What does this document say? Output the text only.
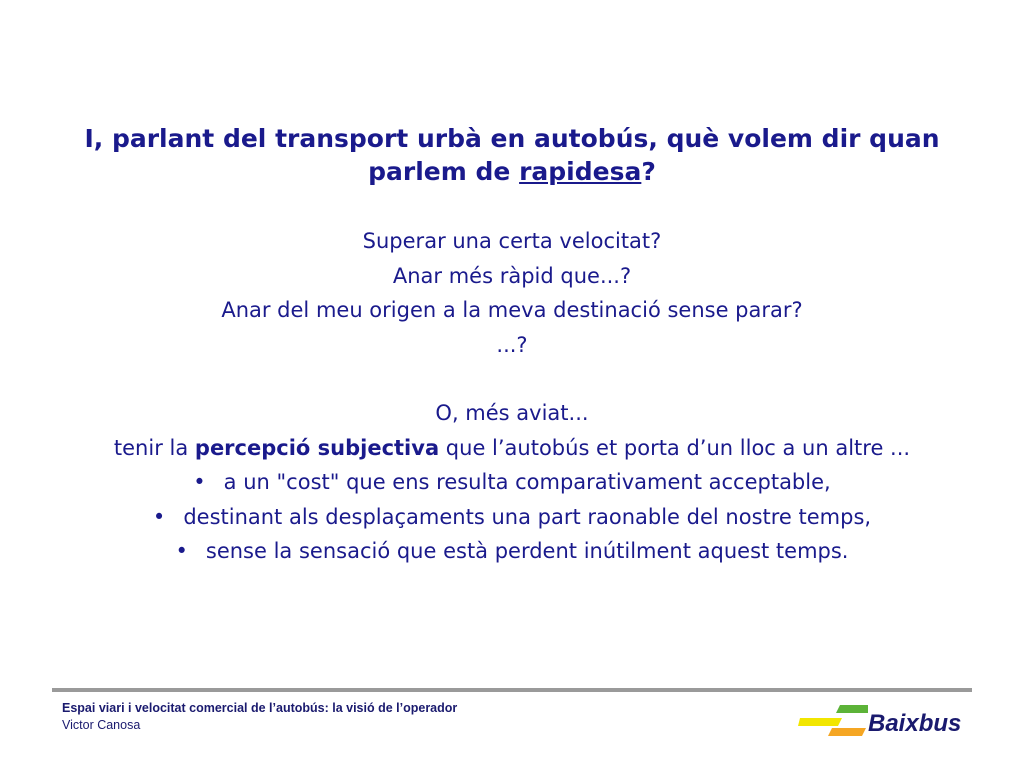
I, parlant del transport urbà en autobús, què volem dir quan parlem de rapidesa?
Superar una certa velocitat?
Anar més ràpid que...?
Anar del meu origen a la meva destinació sense parar?
...?
O, més aviat...
tenir la percepció subjectiva que l’autobús et porta d’un lloc a un altre ...
• a un "cost" que ens resulta comparativament acceptable,
• destinant als desplaçaments una part raonable del nostre temps,
• sense la sensació que està perdent inútilment aquest temps.
Espai viari i velocitat comercial de l’autobús: la visió de l’operador
Victor Canosa	Baixbus
